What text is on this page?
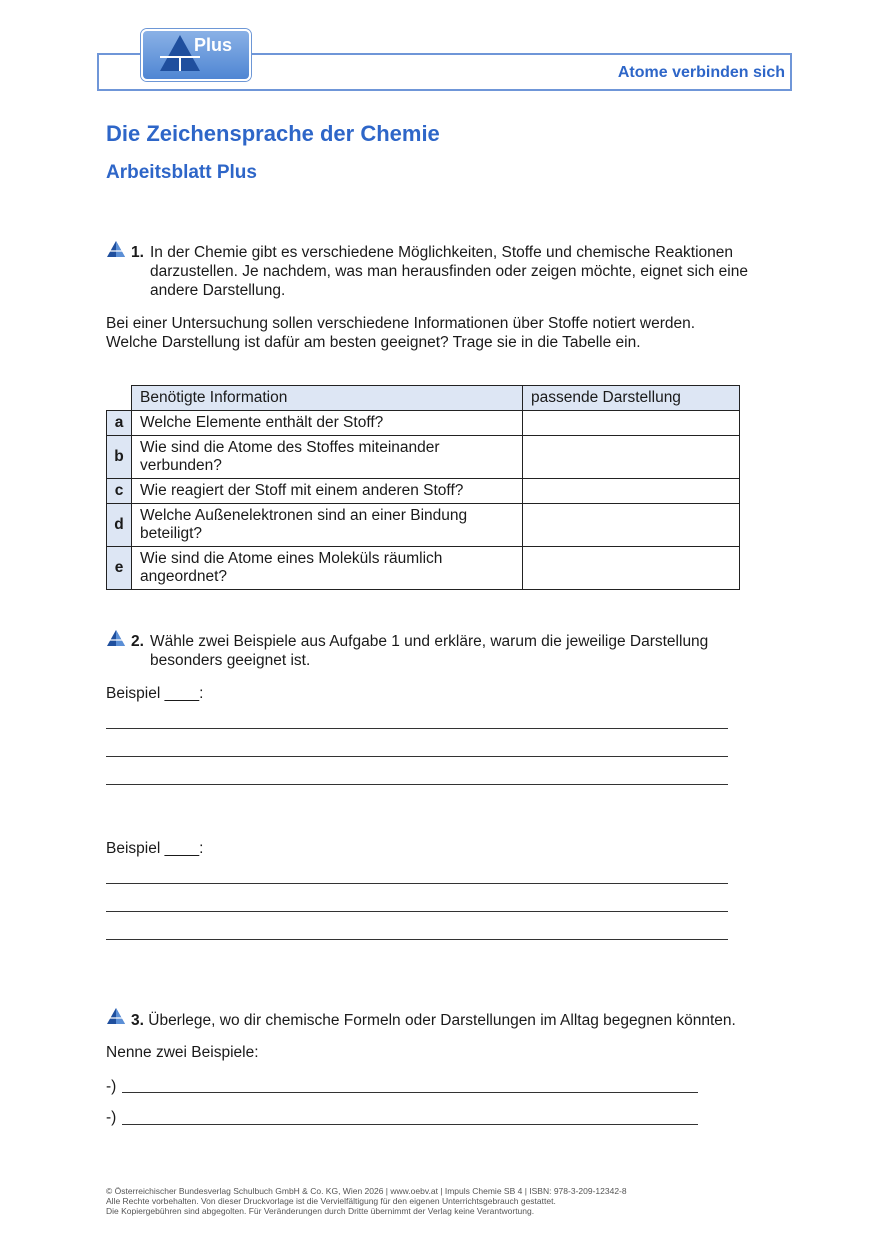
Plus
Atome verbinden sich
Die Zeichensprache der Chemie
Arbeitsblatt Plus
1. In der Chemie gibt es verschiedene Möglichkeiten, Stoffe und chemische Reaktionen
darzustellen. Je nachdem, was man herausfinden oder zeigen möchte, eignet sich eine
andere Darstellung.
Bei einer Untersuchung sollen verschiedene Informationen über Stoffe notiert werden.
Welche Darstellung ist dafür am besten geeignet? Trage sie in die Tabelle ein.
	Benötigte Information	passende Darstellung
a	Welche Elemente enthält der Stoff?	
b	Wie sind die Atome des Stoffes miteinander verbunden?	
c	Wie reagiert der Stoff mit einem anderen Stoff?	
d	Welche Außenelektronen sind an einer Bindung beteiligt?	
e	Wie sind die Atome eines Moleküls räumlich angeordnet?	
2. Wähle zwei Beispiele aus Aufgabe 1 und erkläre, warum die jeweilige Darstellung
besonders geeignet ist.
Beispiel ____:
Beispiel ____:
3. Überlege, wo dir chemische Formeln oder Darstellungen im Alltag begegnen könnten.
Nenne zwei Beispiele:
-)
-)
© Österreichischer Bundesverlag Schulbuch GmbH & Co. KG, Wien 2026 | www.oebv.at | Impuls Chemie SB 4 | ISBN: 978-3-209-12342-8
Alle Rechte vorbehalten. Von dieser Druckvorlage ist die Vervielfältigung für den eigenen Unterrichtsgebrauch gestattet.
Die Kopiergebühren sind abgegolten. Für Veränderungen durch Dritte übernimmt der Verlag keine Verantwortung.
